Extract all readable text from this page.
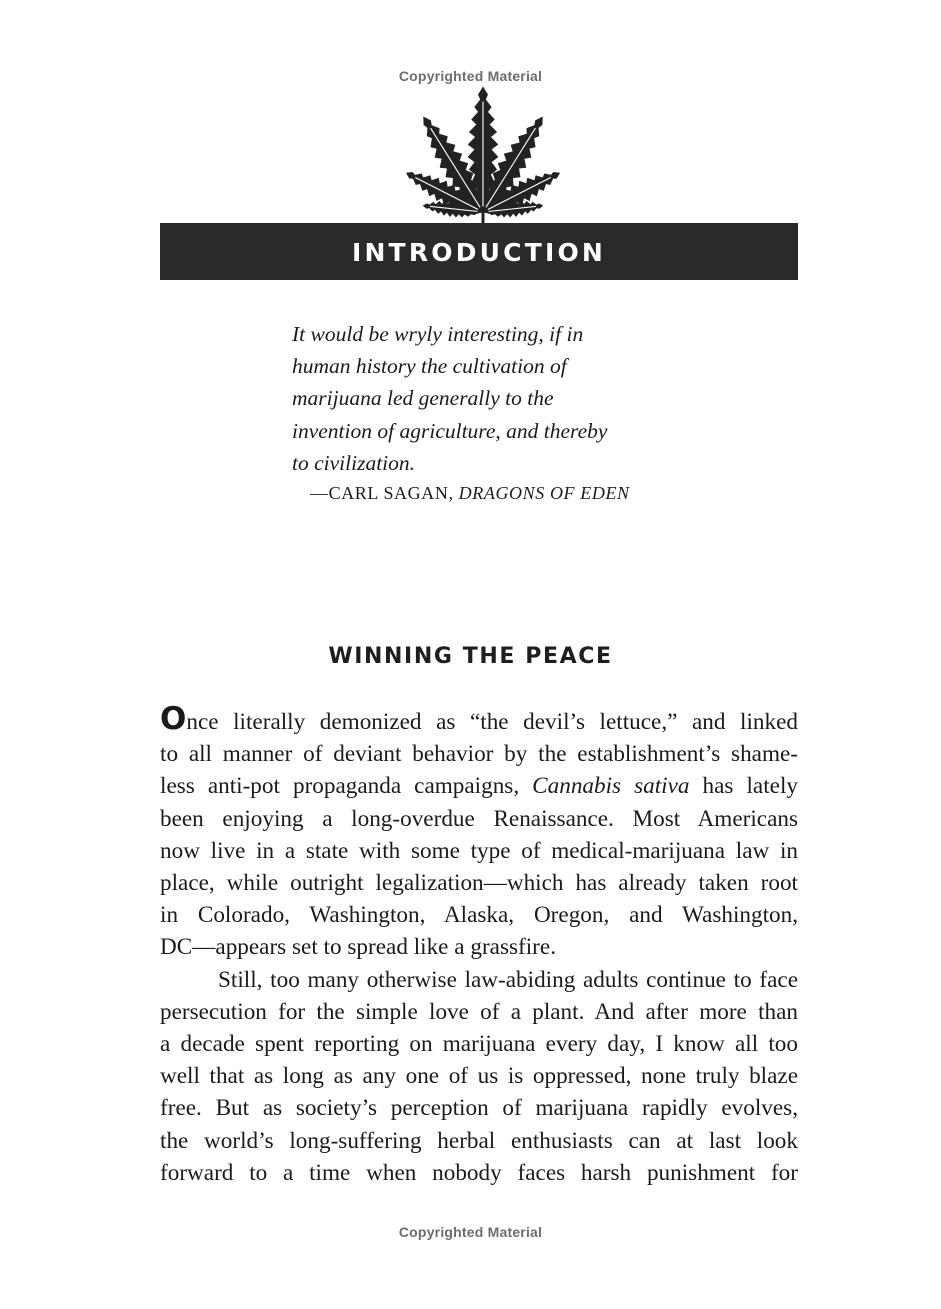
Copyrighted Material
INTRODUCTION

It would be wryly interesting, if in
human history the cultivation of
marijuana led generally to the
invention of agriculture, and thereby
to civilization.

—CARL SAGAN, DRAGONS OF EDEN
WINNING THE PEACE
Once literally demonized as “the devil’s lettuce,” and linked
to all manner of deviant behavior by the establishment’s shame-
less anti-pot propaganda campaigns, Cannabis sativa has lately
been enjoying a long-overdue Renaissance. Most Americans
now live in a state with some type of medical-marijuana law in
place, while outright legalization—which has already taken root
in Colorado, Washington, Alaska, Oregon, and Washington,
DC—appears set to spread like a grassfire.
Still, too many otherwise law-abiding adults continue to face
persecution for the simple love of a plant. And after more than
a decade spent reporting on marijuana every day, I know all too
well that as long as any one of us is oppressed, none truly blaze
free. But as society’s perception of marijuana rapidly evolves,
the world’s long-suffering herbal enthusiasts can at last look
forward to a time when nobody faces harsh punishment for
Copyrighted Material
